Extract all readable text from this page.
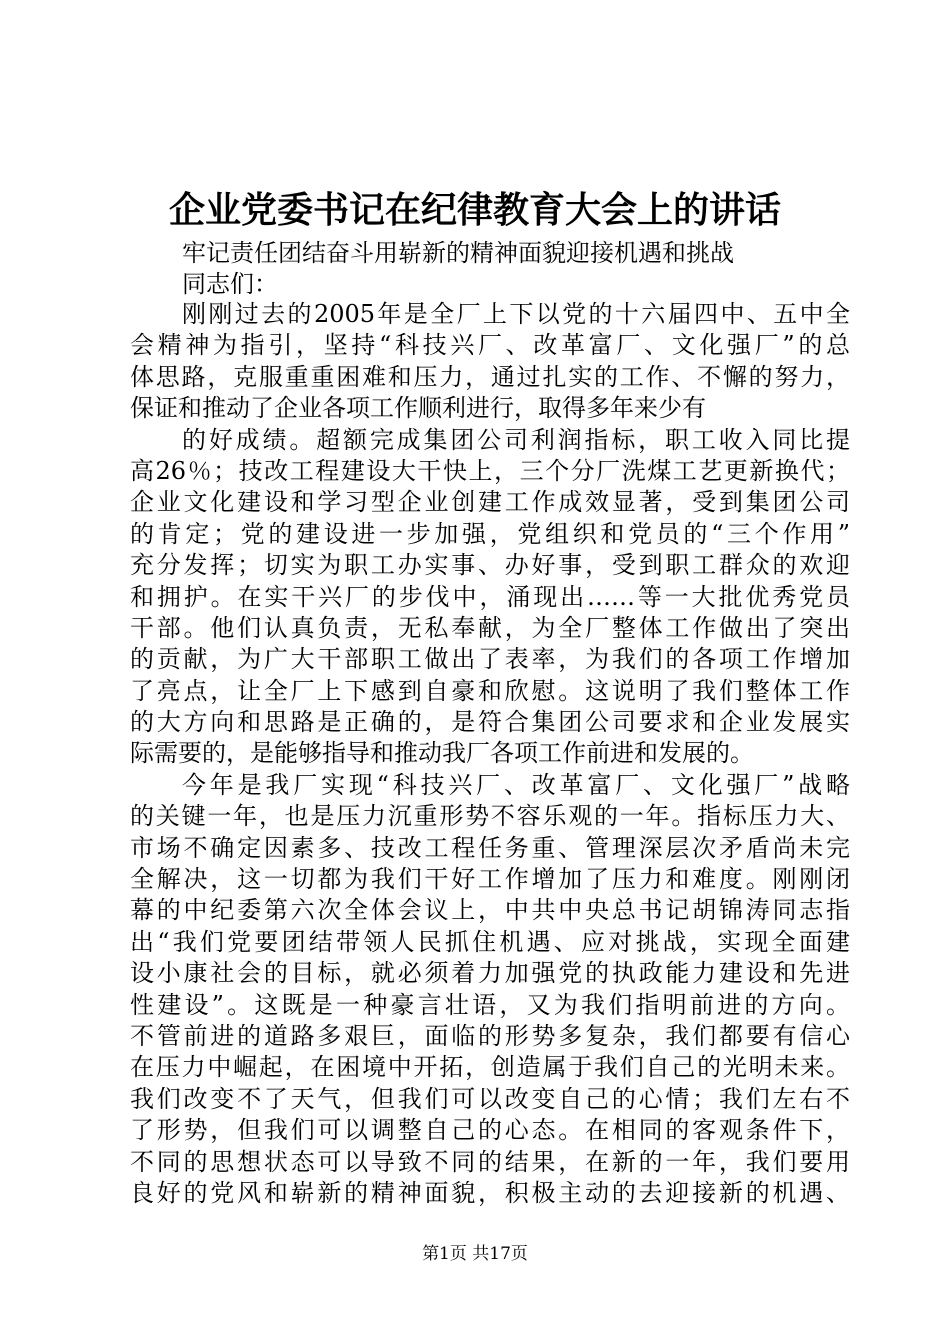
企业党委书记在纪律教育大会上的讲话
牢记责任团结奋斗用崭新的精神面貌迎接机遇和挑战
同志们：
刚刚过去的2005年是全厂上下以党的十六届四中、五中全
会精神为指引，坚持“科技兴厂、改革富厂、文化强厂”的总
体思路，克服重重困难和压力，通过扎实的工作、不懈的努力，
保证和推动了企业各项工作顺利进行，取得多年来少有
的好成绩。超额完成集团公司利润指标，职工收入同比提
高26％；技改工程建设大干快上，三个分厂洗煤工艺更新换代；
企业文化建设和学习型企业创建工作成效显著，受到集团公司
的肯定；党的建设进一步加强，党组织和党员的“三个作用”
充分发挥；切实为职工办实事、办好事，受到职工群众的欢迎
和拥护。在实干兴厂的步伐中，涌现出……等一大批优秀党员
干部。他们认真负责，无私奉献，为全厂整体工作做出了突出
的贡献，为广大干部职工做出了表率，为我们的各项工作增加
了亮点，让全厂上下感到自豪和欣慰。这说明了我们整体工作
的大方向和思路是正确的，是符合集团公司要求和企业发展实
际需要的，是能够指导和推动我厂各项工作前进和发展的。
今年是我厂实现“科技兴厂、改革富厂、文化强厂”战略
的关键一年，也是压力沉重形势不容乐观的一年。指标压力大、
市场不确定因素多、技改工程任务重、管理深层次矛盾尚未完
全解决，这一切都为我们干好工作增加了压力和难度。刚刚闭
幕的中纪委第六次全体会议上，中共中央总书记胡锦涛同志指
出“我们党要团结带领人民抓住机遇、应对挑战，实现全面建
设小康社会的目标，就必须着力加强党的执政能力建设和先进
性建设”。这既是一种豪言壮语，又为我们指明前进的方向。
不管前进的道路多艰巨，面临的形势多复杂，我们都要有信心
在压力中崛起，在困境中开拓，创造属于我们自己的光明未来。
我们改变不了天气，但我们可以改变自己的心情；我们左右不
了形势，但我们可以调整自己的心态。在相同的客观条件下，
不同的思想状态可以导致不同的结果，在新的一年，我们要用
良好的党风和崭新的精神面貌，积极主动的去迎接新的机遇、
第1页 共17页
